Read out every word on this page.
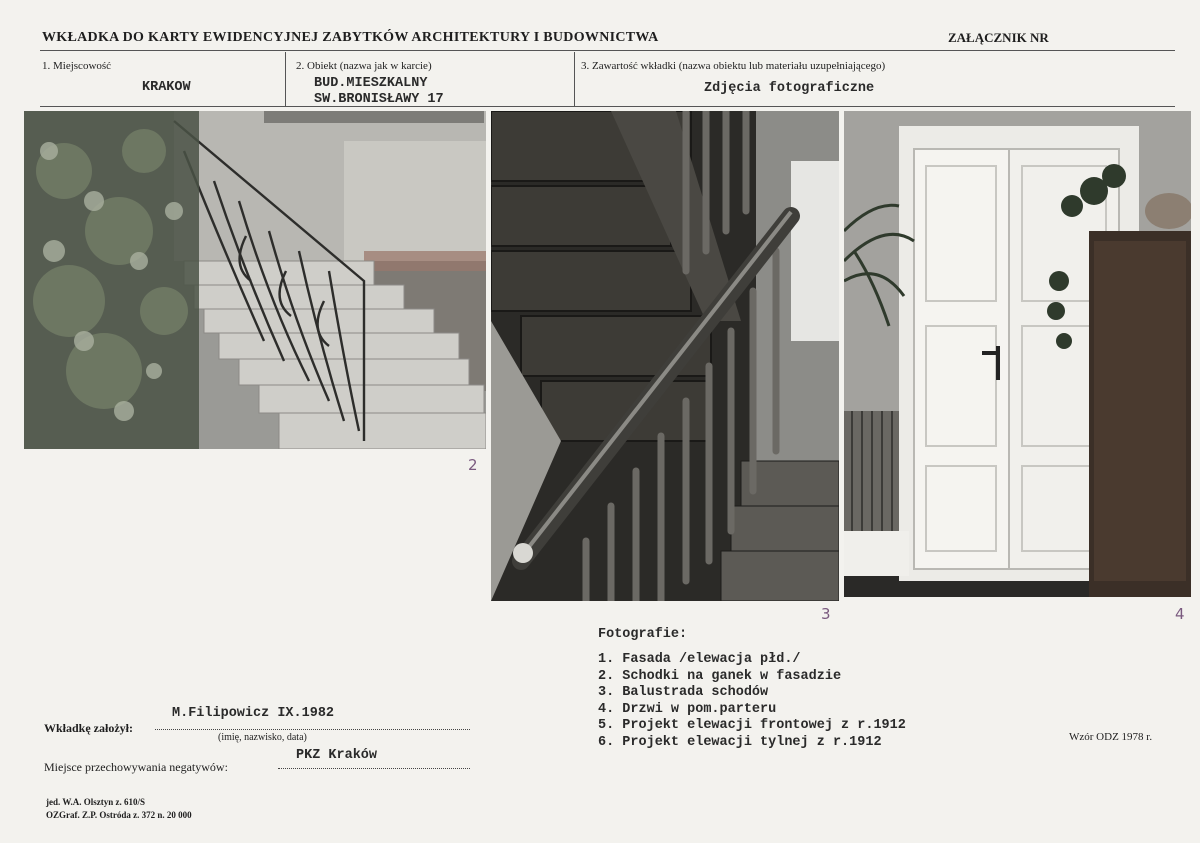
WKŁADKA DO KARTY EWIDENCYJNEJ ZABYTKÓW ARCHITEKTURY I BUDOWNICTWA	ZAŁĄCZNIK NR
1. Miejscowość
KRAKOW
2. Obiekt (nazwa jak w karcie)
BUD.MIESZKALNY
SW.BRONISŁAWY 17
3. Zawartość wkładki (nazwa obiektu lub materiału uzupełniającego)
Zdjęcia fotograficzne
2
3	4
Fotografie:
1. Fasada /elewacja płd./
2. Schodki na ganek w fasadzie
3. Balustrada schodów
4. Drzwi w pom.parteru
5. Projekt elewacji frontowej z r.1912
6. Projekt elewacji tylnej z r.1912
M.Filipowicz IX.1982
Wkładkę założył:
(imię, nazwisko, data)
PKZ Kraków
Miejsce przechowywania negatywów:
Wzór ODZ 1978 r.
jed. W.A. Olsztyn z. 610/S
OZGraf. Z.P. Ostróda z. 372 n. 20 000
